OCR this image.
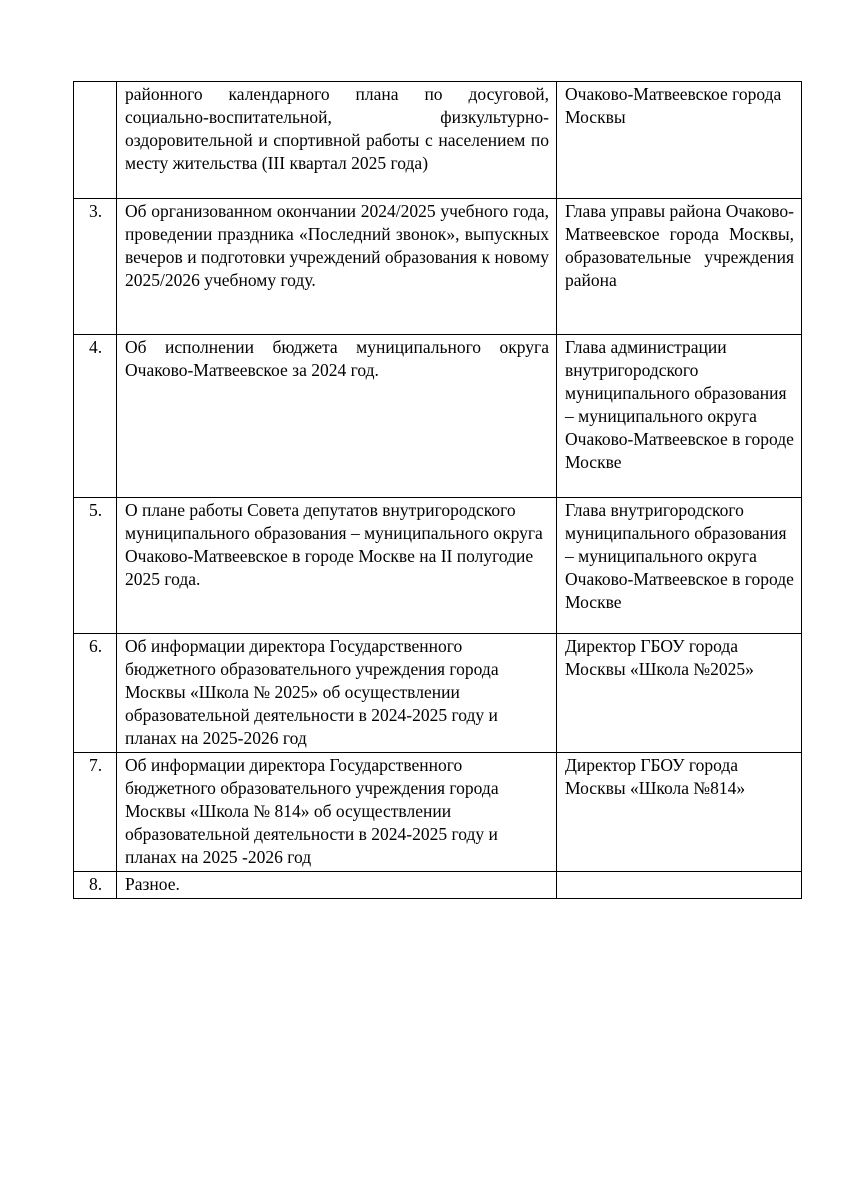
	районного календарного плана по досуговой, социально-воспитательной, физкультурно-оздоровительной и спортивной работы с населением по месту жительства (III квартал 2025 года)	Очаково-Матвеевское города Москвы
3.	Об организованном окончании 2024/2025 учебного года, проведении праздника «Последний звонок», выпускных вечеров и подготовки учреждений образования к новому 2025/2026 учебному году.	Глава управы района Очаково-Матвеевское города Москвы, образовательные учреждения района
4.	Об исполнении бюджета муниципального округа Очаково-Матвеевское за 2024 год.	Глава администрации внутригородского муниципального образования – муниципального округа Очаково-Матвеевское в городе Москве
5.	О плане работы Совета депутатов внутригородского муниципального образования – муниципального округа Очаково-Матвеевское в городе Москве на II полугодие 2025 года.	Глава внутригородского муниципального образования – муниципального округа Очаково-Матвеевское в городе Москве
6.	Об информации директора Государственного бюджетного образовательного учреждения города Москвы «Школа № 2025» об осуществлении образовательной деятельности в 2024-2025 году и планах на 2025-2026 год	Директор ГБОУ города Москвы «Школа №2025»
7.	Об информации директора Государственного бюджетного образовательного учреждения города Москвы «Школа № 814» об осуществлении образовательной деятельности в 2024-2025 году и планах на 2025 -2026 год	Директор ГБОУ города Москвы «Школа №814»
8.	Разное.	
